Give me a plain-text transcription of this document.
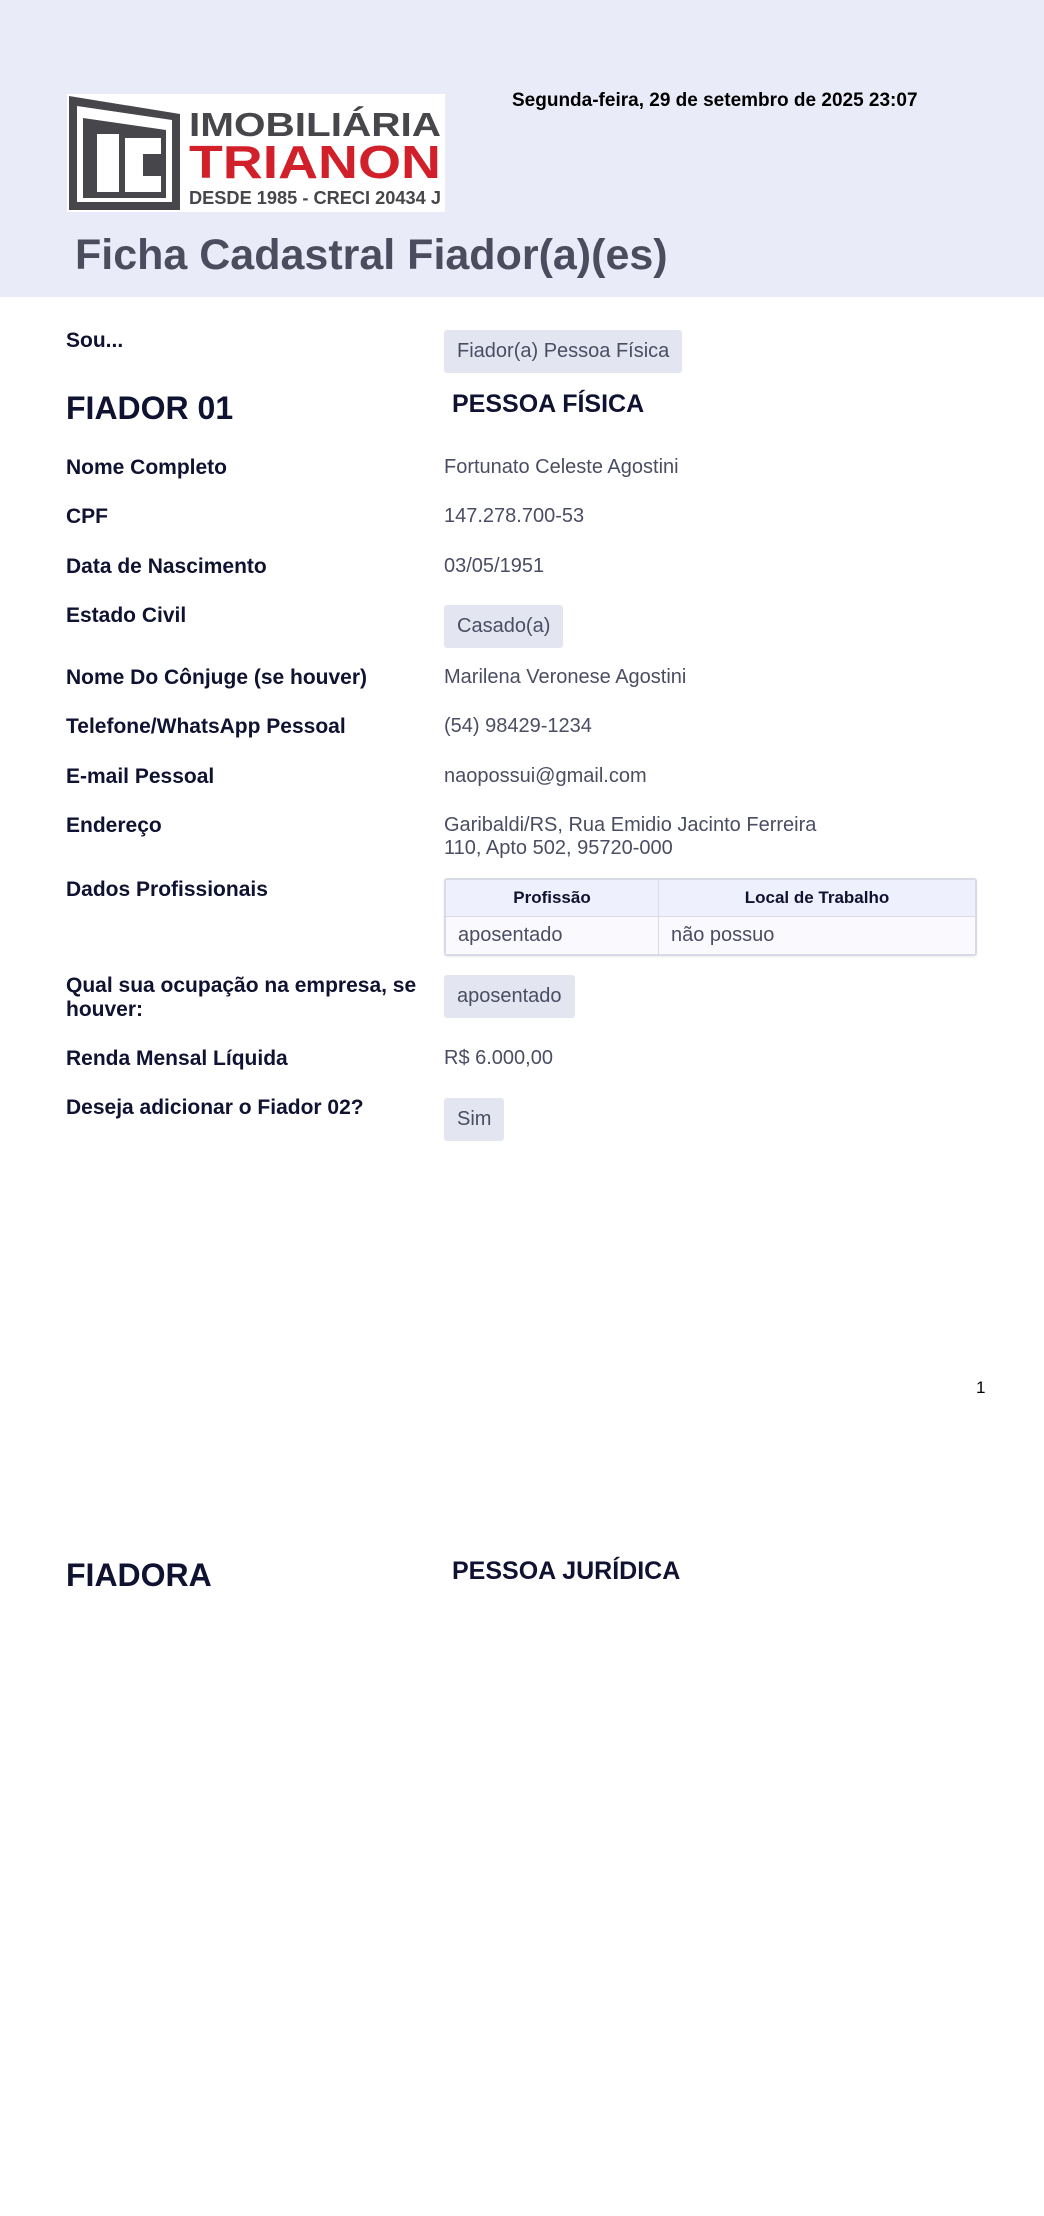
IMOBILIÁRIA
TRIANON
DESDE 1985 - CRECI 20434 J
Segunda-feira, 29 de setembro de 2025 23:07
Ficha Cadastral Fiador(a)(es)
Sou...	Fiador(a) Pessoa Física
FIADOR 01	PESSOA FÍSICA
Nome Completo	Fortunato Celeste Agostini
CPF	147.278.700-53
Data de Nascimento	03/05/1951
Estado Civil	Casado(a)
Nome Do Cônjuge (se houver)	Marilena Veronese Agostini
Telefone/WhatsApp Pessoal	(54) 98429-1234
E-mail Pessoal	naopossui@gmail.com
Endereço	Garibaldi/RS, Rua Emidio Jacinto Ferreira
110, Apto 502, 95720-000
Dados Profissionais	Profissão	Local de Trabalho
aposentado	não possuo
Qual sua ocupação na empresa, se houver:
aposentado
Renda Mensal Líquida	R$ 6.000,00
Deseja adicionar o Fiador 02?	Sim
1
FIADORA	PESSOA JURÍDICA
